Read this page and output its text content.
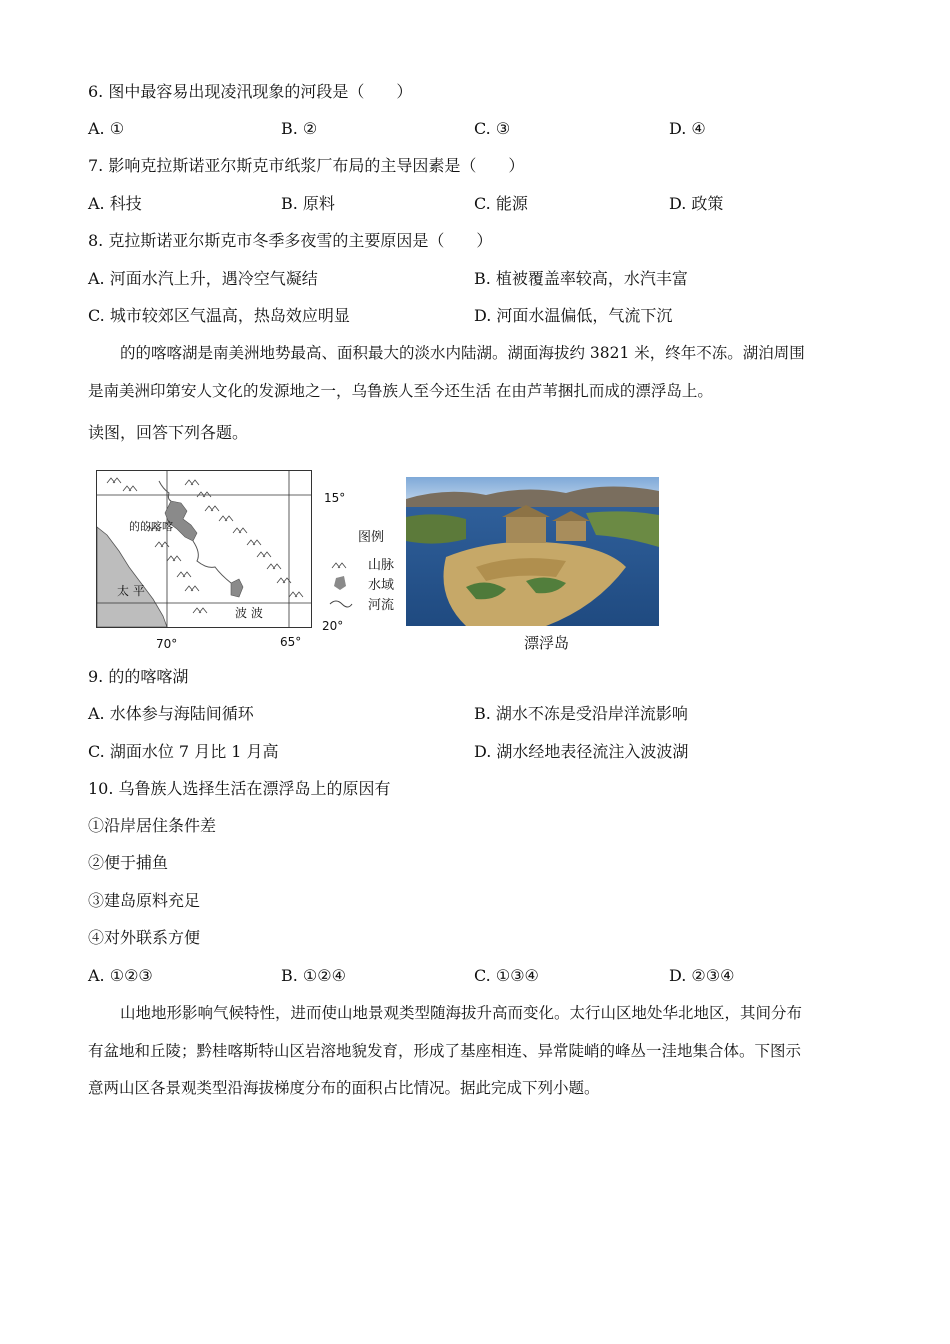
6. 图中最容易出现凌汛现象的河段是（　　）
A. ①	B. ②	C. ③	D. ④
7. 影响克拉斯诺亚尔斯克市纸浆厂布局的主导因素是（　　）
A. 科技	B. 原料	C. 能源	D. 政策
8. 克拉斯诺亚尔斯克市冬季多夜雪的主要原因是（　　）
A. 河面水汽上升，遇冷空气凝结	B. 植被覆盖率较高，水汽丰富
C. 城市较郊区气温高，热岛效应明显	D. 河面水温偏低，气流下沉
的的喀喀湖是南美洲地势最高、面积最大的淡水内陆湖。湖面海拔约 3821 米，终年不冻。湖泊周围
是南美洲印第安人文化的发源地之一，乌鲁族人至今还生活 在由芦苇捆扎而成的漂浮岛上。
读图，回答下列各题。
的的喀喀
太 平
波 波
15°
20°
70°	65°
图例
山脉
水域
河流
漂浮岛
9. 的的喀喀湖
A. 水体参与海陆间循环	B. 湖水不冻是受沿岸洋流影响
C. 湖面水位 7 月比 1 月高	D. 湖水经地表径流注入波波湖
10. 乌鲁族人选择生活在漂浮岛上的原因有
①沿岸居住条件差
②便于捕鱼
③建岛原料充足
④对外联系方便
A. ①②③	B. ①②④	C. ①③④	D. ②③④
山地地形影响气候特性，进而使山地景观类型随海拔升高而变化。太行山区地处华北地区，其间分布
有盆地和丘陵；黔桂喀斯特山区岩溶地貌发育，形成了基座相连、异常陡峭的峰丛一洼地集合体。下图示
意两山区各景观类型沿海拔梯度分布的面积占比情况。据此完成下列小题。
